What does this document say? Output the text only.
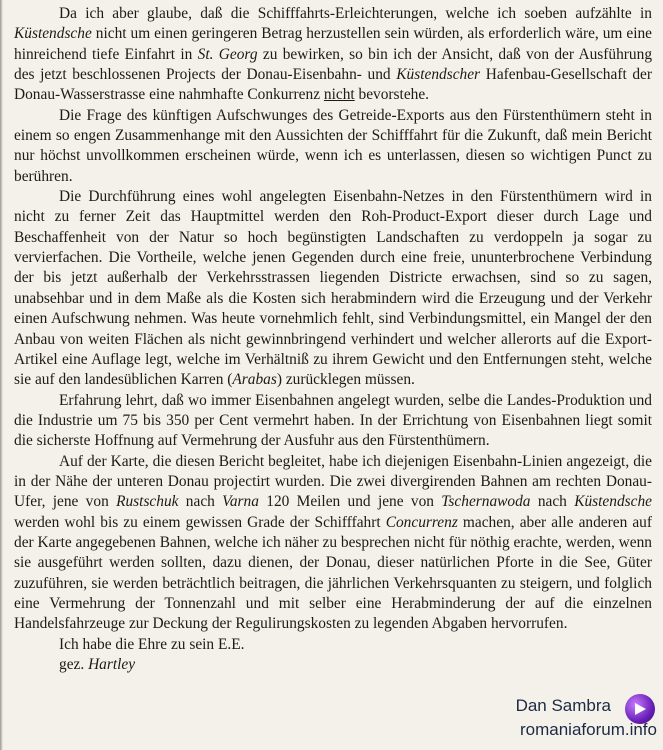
Da ich aber glaube, daß die Schifffahrts-Erleichterungen, welche ich soeben aufzählte in Küstendsche nicht um einen geringeren Betrag herzustellen sein würden, als erforderlich wäre, um eine hinreichend tiefe Einfahrt in St. Georg zu bewirken, so bin ich der Ansicht, daß von der Ausführung des jetzt beschlossenen Projects der Donau-Eisenbahn- und Küstendscher Hafenbau-Gesellschaft der Donau-Wasserstrasse eine nahmhafte Conkurrenz nicht bevorstehe.

Die Frage des künftigen Aufschwunges des Getreide-Exports aus den Fürstenthümern steht in einem so engen Zusammenhange mit den Aussichten der Schifffahrt für die Zukunft, daß mein Bericht nur höchst unvollkommen erscheinen würde, wenn ich es unterlassen, diesen so wichtigen Punct zu berühren.

Die Durchführung eines wohl angelegten Eisenbahn-Netzes in den Fürstenthümern wird in nicht zu ferner Zeit das Hauptmittel werden den Roh-Product-Export dieser durch Lage und Beschaffenheit von der Natur so hoch begünstigten Landschaften zu verdoppeln ja sogar zu vervierfachen. Die Vortheile, welche jenen Gegenden durch eine freie, ununterbrochene Verbindung der bis jetzt außerhalb der Verkehrsstrassen liegenden Districte erwachsen, sind so zu sagen, unabsehbar und in dem Maße als die Kosten sich herabmindern wird die Erzeugung und der Verkehr einen Aufschwung nehmen. Was heute vornehmlich fehlt, sind Verbindungsmittel, ein Mangel der den Anbau von weiten Flächen als nicht gewinnbringend verhindert und welcher allerorts auf die Export-Artikel eine Auflage legt, welche im Verhältniß zu ihrem Gewicht und den Entfernungen steht, welche sie auf den landesüblichen Karren (Arabas) zurücklegen müssen.

Erfahrung lehrt, daß wo immer Eisenbahnen angelegt wurden, selbe die Landes-Produktion und die Industrie um 75 bis 350 per Cent vermehrt haben. In der Errichtung von Eisenbahnen liegt somit die sicherste Hoffnung auf Vermehrung der Ausfuhr aus den Fürstenthümern.

Auf der Karte, die diesen Bericht begleitet, habe ich diejenigen Eisenbahn-Linien angezeigt, die in der Nähe der unteren Donau projectirt wurden. Die zwei divergirenden Bahnen am rechten Donau-Ufer, jene von Rustschuk nach Varna 120 Meilen und jene von Tschernawoda nach Küstendsche werden wohl bis zu einem gewissen Grade der Schifffahrt Concurrenz machen, aber alle anderen auf der Karte angegebenen Bahnen, welche ich näher zu besprechen nicht für nöthig erachte, werden, wenn sie ausgeführt werden sollten, dazu dienen, der Donau, dieser natürlichen Pforte in die See, Güter zuzuführen, sie werden beträchtlich beitragen, die jährlichen Verkehrsquanten zu steigern, und folglich eine Vermehrung der Tonnenzahl und mit selber eine Herabminderung der auf die einzelnen Handelsfahrzeuge zur Deckung der Regulirungskosten zu legenden Abgaben hervorrufen.

Ich habe die Ehre zu sein E.E.

gez. Hartley

Dan Sambra
romaniaforum.info
